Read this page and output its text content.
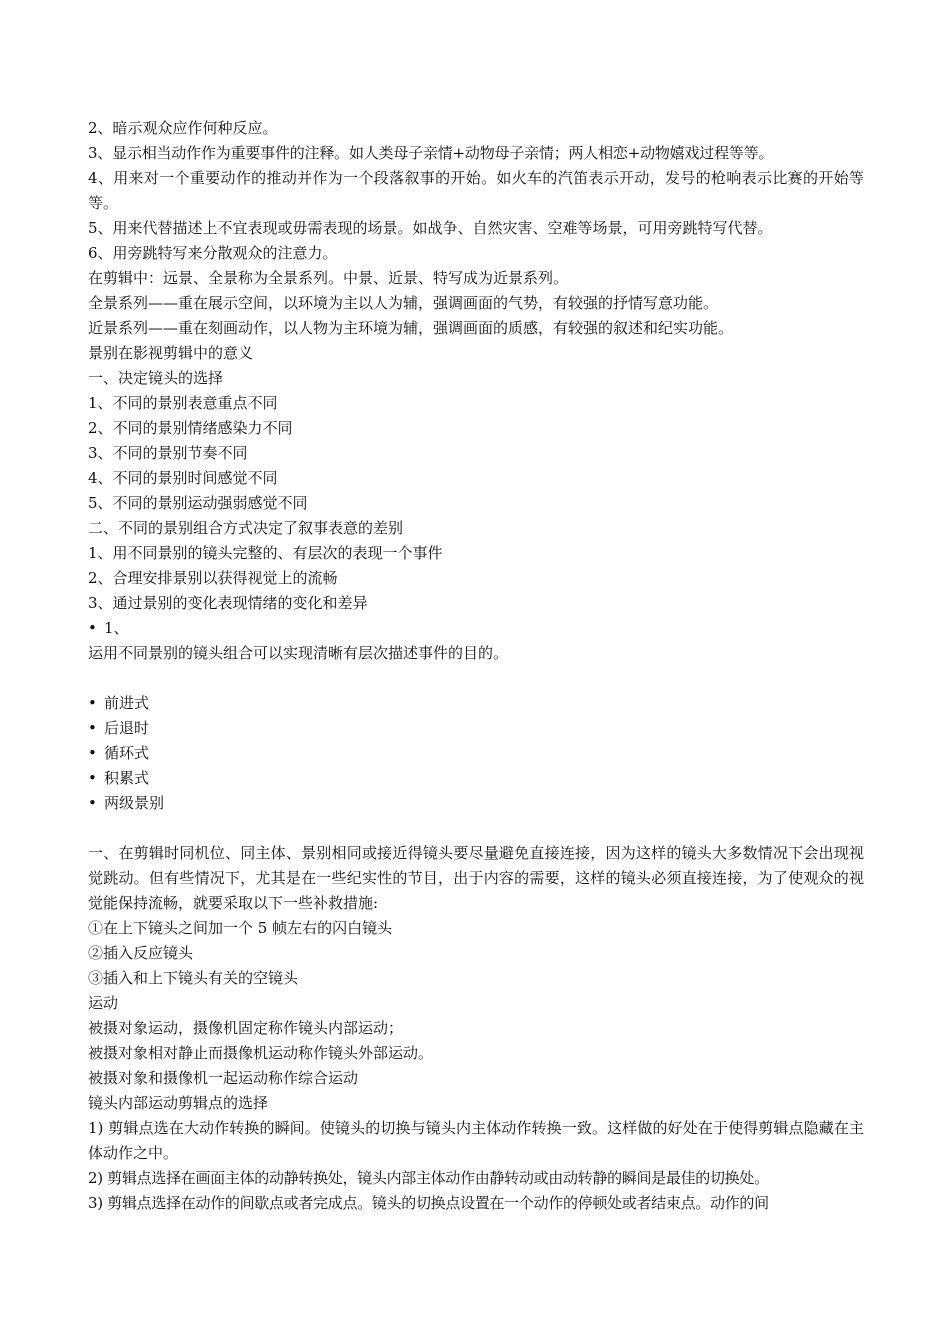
2、暗示观众应作何种反应。
3、显示相当动作作为重要事件的注释。如人类母子亲情+动物母子亲情；两人相恋+动物嬉戏过程等等。
4、用来对一个重要动作的推动并作为一个段落叙事的开始。如火车的汽笛表示开动，发号的枪响表示比赛的开始等等。
5、用来代替描述上不宜表现或毋需表现的场景。如战争、自然灾害、空难等场景，可用旁跳特写代替。
6、用旁跳特写来分散观众的注意力。
在剪辑中：远景、全景称为全景系列。中景、近景、特写成为近景系列。
全景系列——重在展示空间，以环境为主以人为辅，强调画面的气势，有较强的抒情写意功能。
近景系列——重在刻画动作，以人物为主环境为辅，强调画面的质感，有较强的叙述和纪实功能。
景别在影视剪辑中的意义
一、决定镜头的选择
1、不同的景别表意重点不同
2、不同的景别情绪感染力不同
3、不同的景别节奏不同
4、不同的景别时间感觉不同
5、不同的景别运动强弱感觉不同
二、不同的景别组合方式决定了叙事表意的差别
1、用不同景别的镜头完整的、有层次的表现一个事件
2、合理安排景别以获得视觉上的流畅
3、通过景别的变化表现情绪的变化和差异
• 1、
运用不同景别的镜头组合可以实现清晰有层次描述事件的目的。
• 前进式
• 后退时
• 循环式
• 积累式
• 两级景别
一、在剪辑时同机位、同主体、景别相同或接近得镜头要尽量避免直接连接，因为这样的镜头大多数情况下会出现视觉跳动。但有些情况下，尤其是在一些纪实性的节目，出于内容的需要，这样的镜头必须直接连接，为了使观众的视觉能保持流畅，就要采取以下一些补救措施:
①在上下镜头之间加一个 5 帧左右的闪白镜头
②插入反应镜头
③插入和上下镜头有关的空镜头
运动
被摄对象运动，摄像机固定称作镜头内部运动；
被摄对象相对静止而摄像机运动称作镜头外部运动。
被摄对象和摄像机一起运动称作综合运动
镜头内部运动剪辑点的选择
1) 剪辑点选在大动作转换的瞬间。使镜头的切换与镜头内主体动作转换一致。这样做的好处在于使得剪辑点隐藏在主体动作之中。
2) 剪辑点选择在画面主体的动静转换处，镜头内部主体动作由静转动或由动转静的瞬间是最佳的切换处。
3) 剪辑点选择在动作的间歇点或者完成点。镜头的切换点设置在一个动作的停顿处或者结束点。动作的间
